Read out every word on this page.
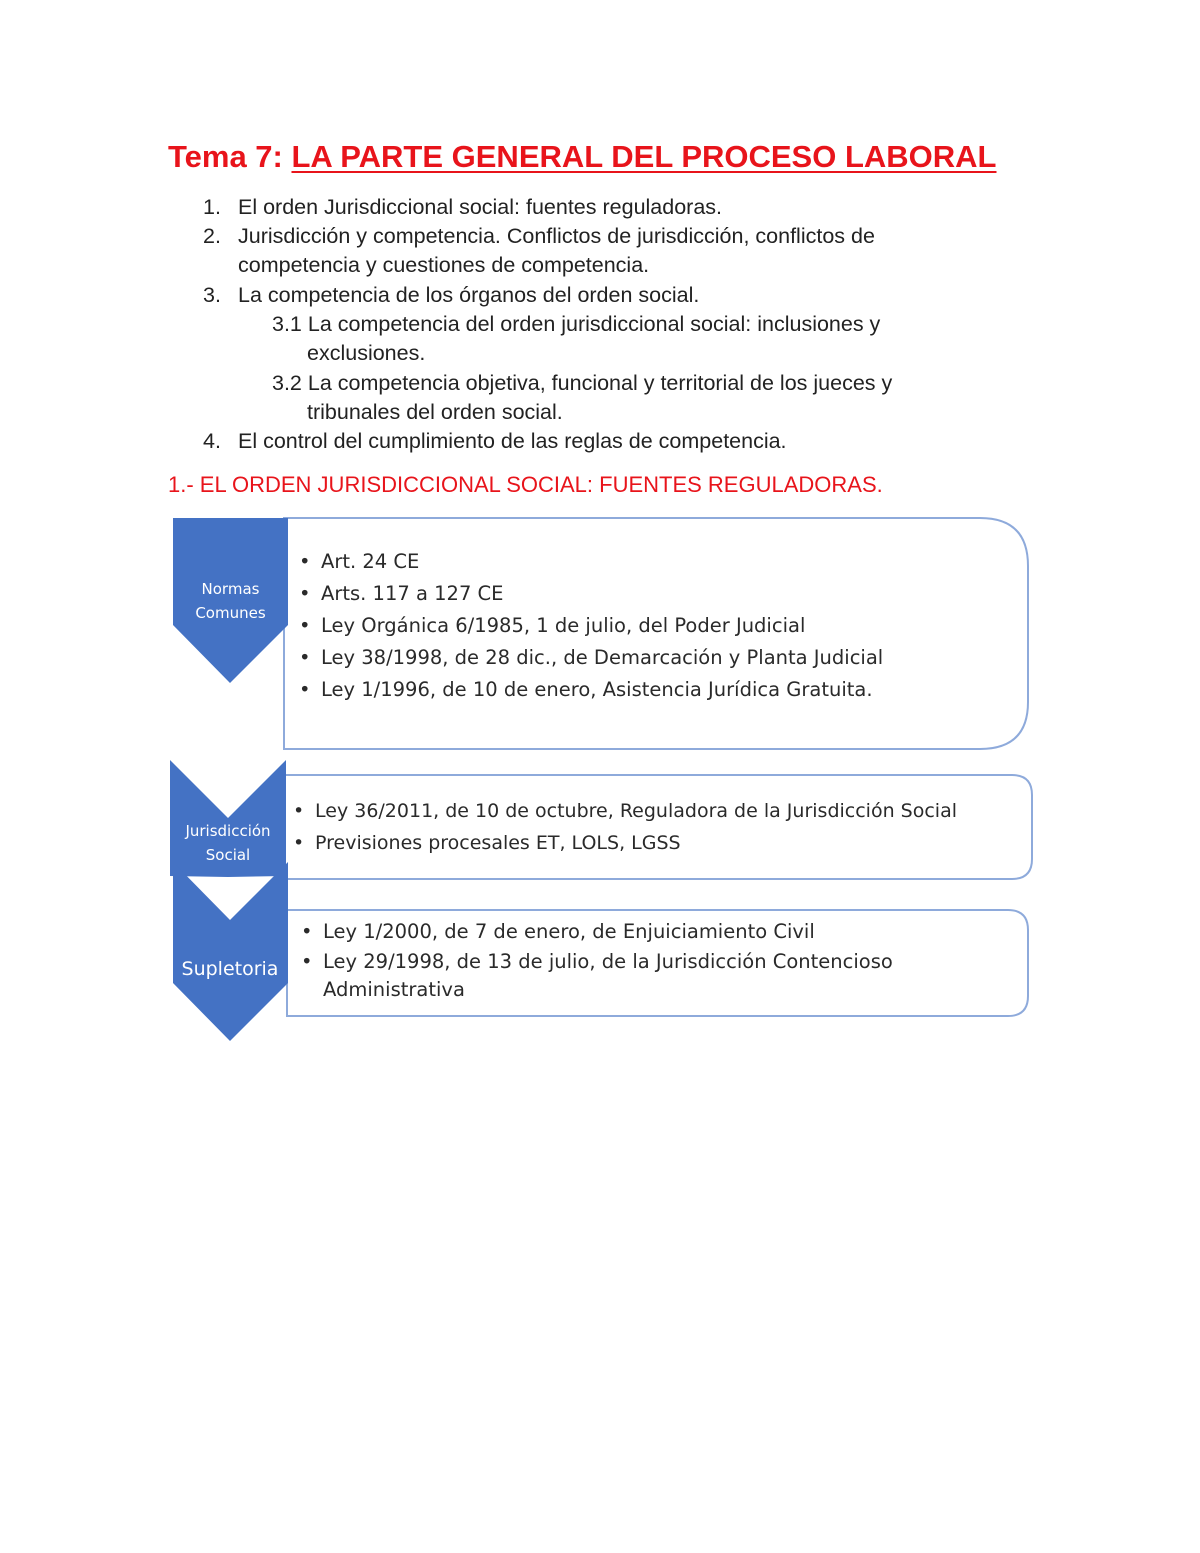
Tema 7: LA PARTE GENERAL DEL PROCESO LABORAL
1. El orden Jurisdiccional social: fuentes reguladoras.
2. Jurisdicción y competencia. Conflictos de jurisdicción, conflictos de
competencia y cuestiones de competencia.
3. La competencia de los órganos del orden social.
3.1 La competencia del orden jurisdiccional social: inclusiones y
exclusiones.
3.2 La competencia objetiva, funcional y territorial de los jueces y
tribunales del orden social.
4. El control del cumplimiento de las reglas de competencia.
1.- EL ORDEN JURISDICCIONAL SOCIAL: FUENTES REGULADORAS.
Normas
Comunes
Jurisdicción
Social
Supletoria
• Art. 24 CE
• Arts. 117 a 127 CE
• Ley Orgánica 6/1985, 1 de julio, del Poder Judicial
• Ley 38/1998, de 28 dic., de Demarcación y Planta Judicial
• Ley 1/1996, de 10 de enero, Asistencia Jurídica Gratuita.
• Ley 36/2011, de 10 de octubre, Reguladora de la Jurisdicción Social
• Previsiones procesales ET, LOLS, LGSS
• Ley 1/2000, de 7 de enero, de Enjuiciamiento Civil
• Ley 29/1998, de 13 de julio, de la Jurisdicción Contencioso
Administrativa
